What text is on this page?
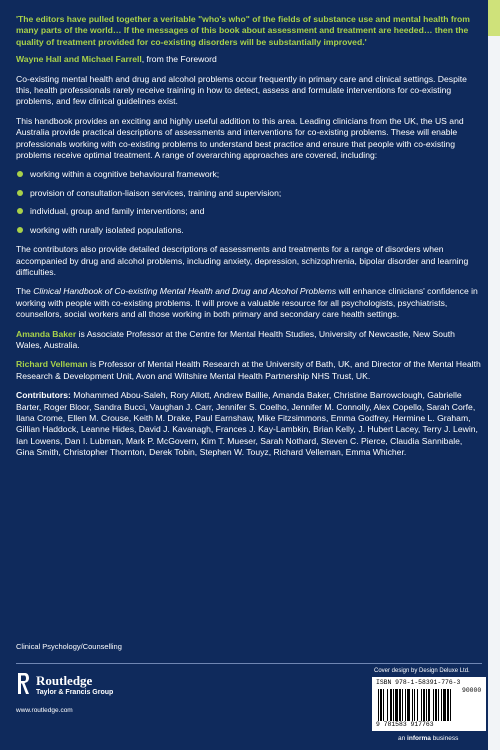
'The editors have pulled together a veritable "who's who" of the fields of substance use and mental health from many parts of the world… If the messages of this book about assessment and treatment are heeded… then the quality of treatment provided for co-existing disorders will be substantially improved.'

Wayne Hall and Michael Farrell, from the Foreword

Co-existing mental health and drug and alcohol problems occur frequently in primary care and clinical settings. Despite this, health professionals rarely receive training in how to detect, assess and formulate interventions for co-existing problems, and few clinical guidelines exist.

This handbook provides an exciting and highly useful addition to this area. Leading clinicians from the UK, the US and Australia provide practical descriptions of assessments and interventions for co-existing problems. These will enable professionals working with co-existing problems to understand best practice and ensure that people with co-existing problems receive optimal treatment. A range of overarching approaches are covered, including:

working within a cognitive behavioural framework;
provision of consultation-liaison services, training and supervision;
individual, group and family interventions; and
working with rurally isolated populations.

The contributors also provide detailed descriptions of assessments and treatments for a range of disorders when accompanied by drug and alcohol problems, including anxiety, depression, schizophrenia, bipolar disorder and learning difficulties.

The Clinical Handbook of Co-existing Mental Health and Drug and Alcohol Problems will enhance clinicians' confidence in working with people with co-existing problems. It will prove a valuable resource for all psychologists, psychiatrists, counsellors, social workers and all those working in both primary and secondary care health settings.

Amanda Baker is Associate Professor at the Centre for Mental Health Studies, University of Newcastle, New South Wales, Australia.

Richard Velleman is Professor of Mental Health Research at the University of Bath, UK, and Director of the Mental Health Research & Development Unit, Avon and Wiltshire Mental Health Partnership NHS Trust, UK.

Contributors: Mohammed Abou-Saleh, Rory Allott, Andrew Baillie, Amanda Baker, Christine Barrowclough, Gabrielle Barter, Roger Bloor, Sandra Bucci, Vaughan J. Carr, Jennifer S. Coelho, Jennifer M. Connolly, Alex Copello, Sarah Corfe, Ilana Crome, Ellen M. Crouse, Keith M. Drake, Paul Earnshaw, Mike Fitzsimmons, Emma Godfrey, Hermine L. Graham, Gillian Haddock, Leanne Hides, David J. Kavanagh, Frances J. Kay-Lambkin, Brian Kelly, J. Hubert Lacey, Terry J. Lewin, Ian Lowens, Dan I. Lubman, Mark P. McGovern, Kim T. Mueser, Sarah Nothard, Steven C. Pierce, Claudia Sannibale, Gina Smith, Christopher Thornton, Derek Tobin, Stephen W. Touyz, Richard Velleman, Emma Whicher.

Clinical Psychology/Counselling
Routledge
Taylor & Francis Group
www.routledge.com
Cover design by Design Deluxe Ltd.
ISBN 978-1-58391-776-3
90000
9 781583 917763
an informa business
